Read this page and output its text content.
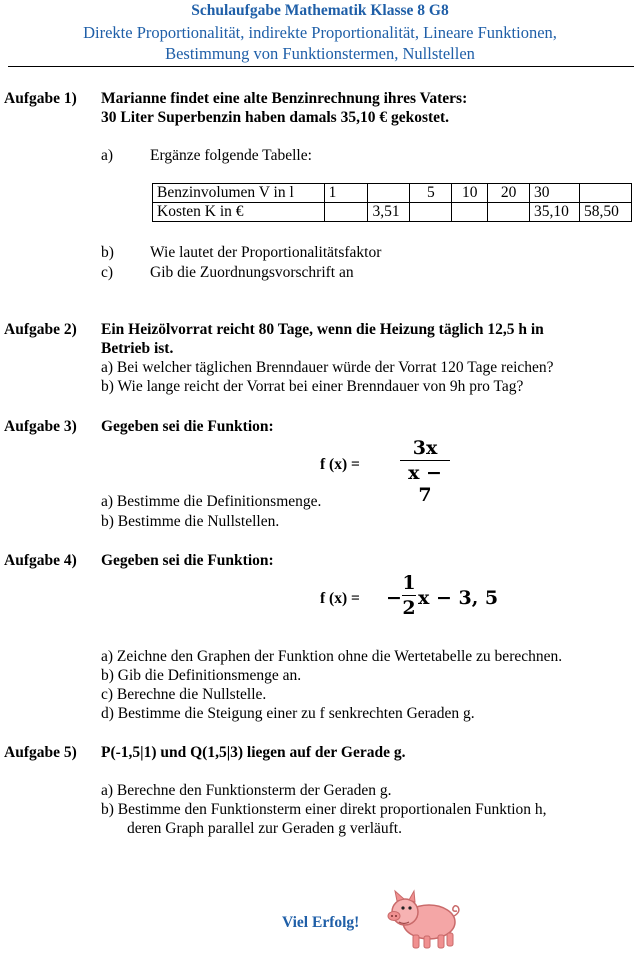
Schulaufgabe Mathematik Klasse 8 G8
Direkte Proportionalität, indirekte Proportionalität, Lineare Funktionen,
Bestimmung von Funktionstermen, Nullstellen
Aufgabe 1) Marianne findet eine alte Benzinrechnung ihres Vaters:
30 Liter Superbenzin haben damals 35,10 € gekostet.
a) Ergänze folgende Tabelle:
Benzinvolumen V in l	1		5	10	20	30	
Kosten K in €		3,51				35,10	58,50
b) Wie lautet der Proportionalitätsfaktor
c) Gib die Zuordnungsvorschrift an
Aufgabe 2) Ein Heizölvorrat reicht 80 Tage, wenn die Heizung täglich 12,5 h in
Betrieb ist.
a) Bei welcher täglichen Brenndauer würde der Vorrat 120 Tage reichen?
b) Wie lange reicht der Vorrat bei einer Brenndauer von 9h pro Tag?
Aufgabe 3) Gegeben sei die Funktion:
f (x) =
3x
x − 7
a) Bestimme die Definitionsmenge.
b) Bestimme die Nullstellen.
Aufgabe 4) Gegeben sei die Funktion:
f (x) = −
1
2 x − 3, 5
a) Zeichne den Graphen der Funktion ohne die Wertetabelle zu berechnen.
b) Gib die Definitionsmenge an.
c) Berechne die Nullstelle.
d) Bestimme die Steigung einer zu f senkrechten Geraden g.
Aufgabe 5) P(-1,5|1) und Q(1,5|3) liegen auf der Gerade g.
a) Berechne den Funktionsterm der Geraden g.
b) Bestimme den Funktionsterm einer direkt proportionalen Funktion h,
deren Graph parallel zur Geraden g verläuft.
Viel Erfolg!
